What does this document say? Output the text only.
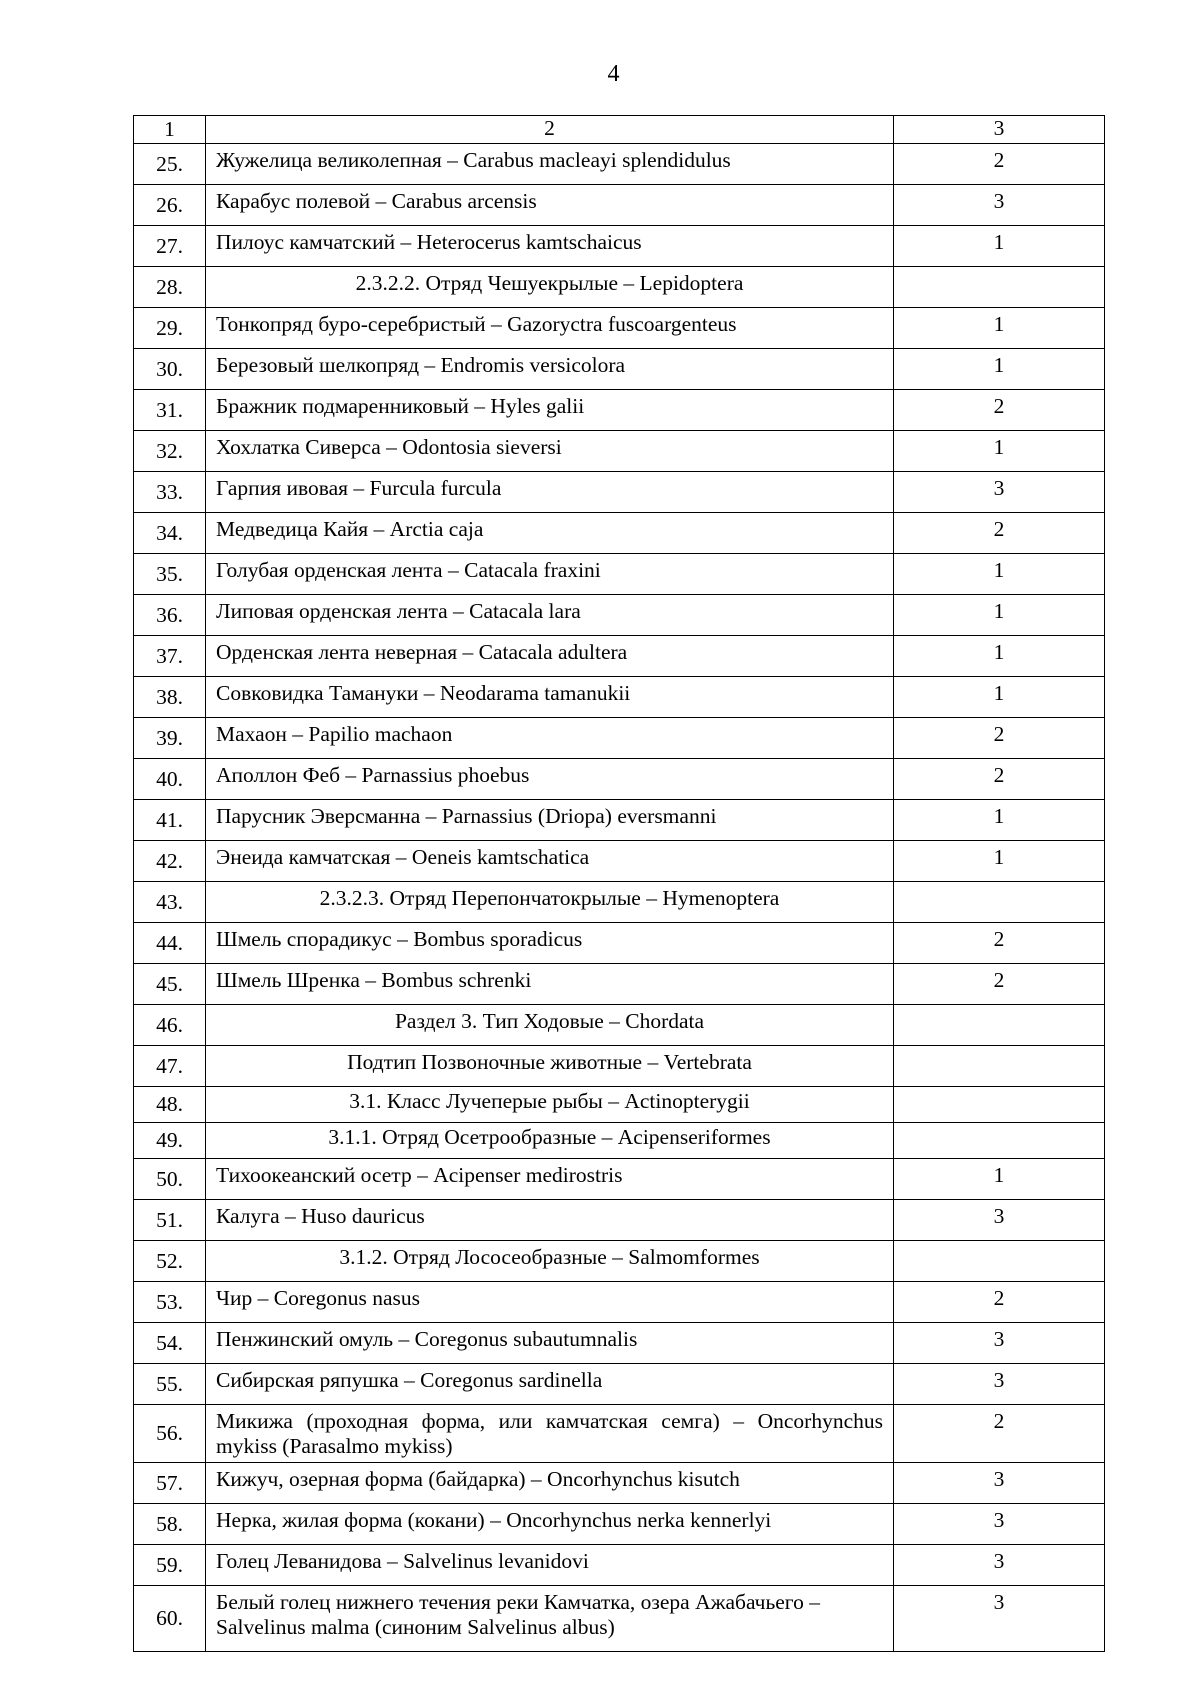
4
1	2	3
25.	Жужелица великолепная – Carabus macleayi splendidulus	2
26.	Карабус полевой – Carabus arcensis	3
27.	Пилоус камчатский – Heterocerus kamtschaicus	1
28.	2.3.2.2. Отряд Чешуекрылые – Lepidoptera	
29.	Тонкопряд буро-серебристый – Gazoryctra fuscoargenteus	1
30.	Березовый шелкопряд – Endromis versicolora	1
31.	Бражник подмаренниковый – Hyles galii	2
32.	Хохлатка Сиверса – Odontosia sieversi	1
33.	Гарпия ивовая – Furcula furcula	3
34.	Медведица Кайя – Arctia caja	2
35.	Голубая орденская лента – Catacala fraxini	1
36.	Липовая орденская лента – Catacala lara	1
37.	Орденская лента неверная – Catacala adultera	1
38.	Совковидка Тамануки – Neodarama tamanukii	1
39.	Махаон – Papilio machaon	2
40.	Аполлон Феб – Parnassius phoebus	2
41.	Парусник Эверсманна – Parnassius (Driopa) eversmanni	1
42.	Энеида камчатская – Oeneis kamtschatica	1
43.	2.3.2.3. Отряд Перепончатокрылые – Hymenoptera	
44.	Шмель спорадикус – Bombus sporadicus	2
45.	Шмель Шренка – Bombus schrenki	2
46.	Раздел 3. Тип Ходовые – Chordata	
47.	Подтип Позвоночные животные – Vertebrata	
48.	3.1. Класс Лучеперые рыбы – Actinopterygii	
49.	3.1.1. Отряд Осетрообразные – Acipenseriformes	
50.	Тихоокеанский осетр – Acipenser medirostris	1
51.	Калуга – Huso dauricus	3
52.	3.1.2. Отряд Лососеобразные – Salmomformes	
53.	Чир – Coregonus nasus	2
54.	Пенжинский омуль – Coregonus subautumnalis	3
55.	Сибирская ряпушка – Coregonus sardinella	3
56.	Микижа (проходная форма, или камчатская семга) – Oncorhynchus mykiss (Parasalmo mykiss)	2
57.	Кижуч, озерная форма (байдарка) – Oncorhynchus kisutch	3
58.	Нерка, жилая форма (кокани) – Oncorhynchus nerka kennerlyi	3
59.	Голец Леванидова – Salvelinus levanidovi	3
60.	Белый голец нижнего течения реки Камчатка, озера Ажабачьего – Salvelinus malma (синоним Salvelinus albus)	3
